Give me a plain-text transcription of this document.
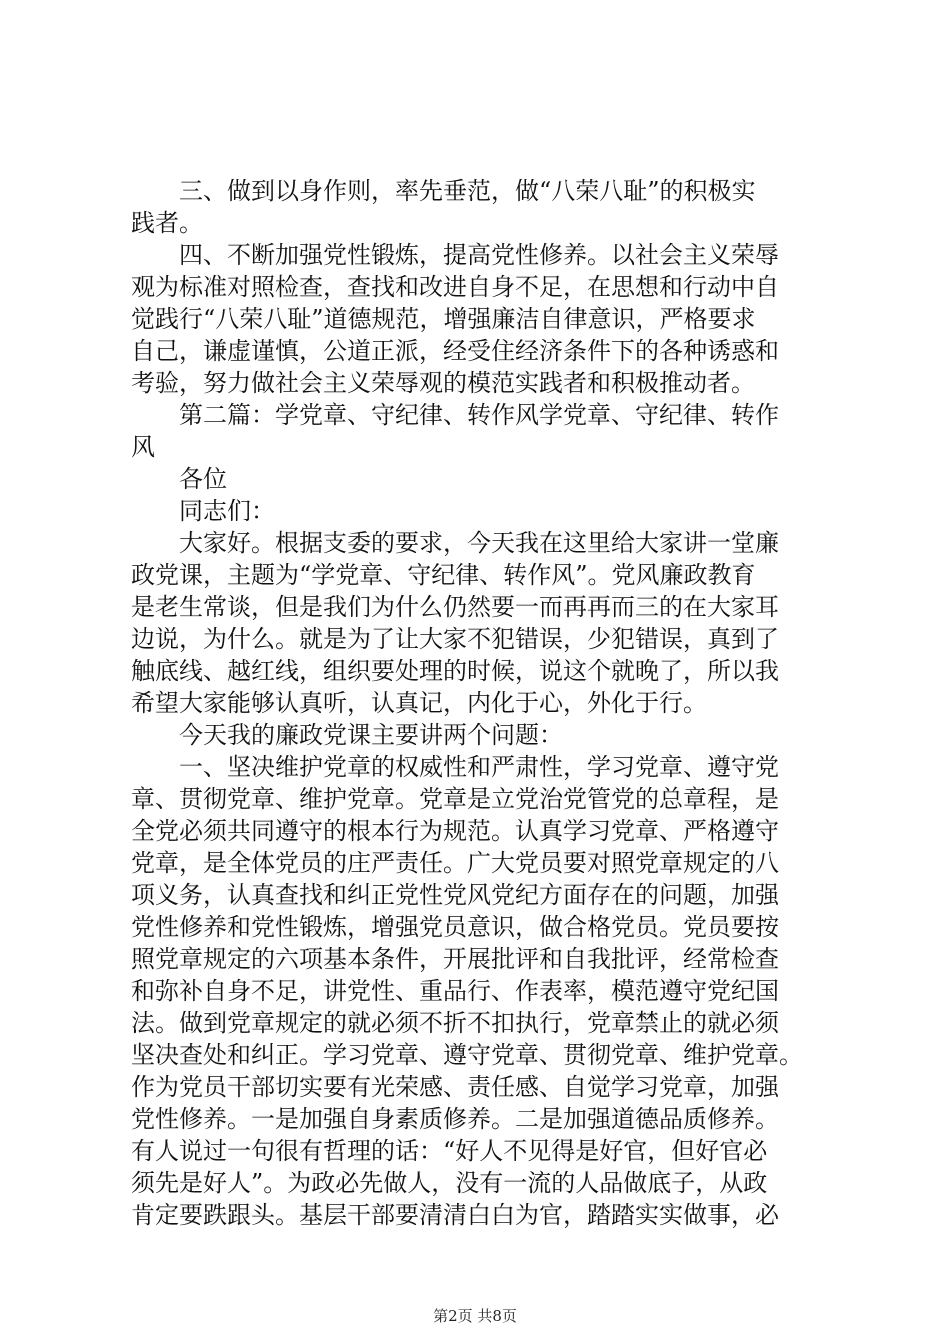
三、做到以身作则，率先垂范，做“八荣八耻”的积极实
践者。
四、不断加强党性锻炼，提高党性修养。以社会主义荣辱
观为标准对照检查，查找和改进自身不足，在思想和行动中自
觉践行“八荣八耻”道德规范，增强廉洁自律意识，严格要求
自己，谦虚谨慎，公道正派，经受住经济条件下的各种诱惑和
考验，努力做社会主义荣辱观的模范实践者和积极推动者。
第二篇：学党章、守纪律、转作风学党章、守纪律、转作
风
各位
同志们：
大家好。根据支委的要求，今天我在这里给大家讲一堂廉
政党课，主题为“学党章、守纪律、转作风”。党风廉政教育
是老生常谈，但是我们为什么仍然要一而再再而三的在大家耳
边说，为什么。就是为了让大家不犯错误，少犯错误，真到了
触底线、越红线，组织要处理的时候，说这个就晚了，所以我
希望大家能够认真听，认真记，内化于心，外化于行。
今天我的廉政党课主要讲两个问题：
一、坚决维护党章的权威性和严肃性，学习党章、遵守党
章、贯彻党章、维护党章。党章是立党治党管党的总章程，是
全党必须共同遵守的根本行为规范。认真学习党章、严格遵守
党章，是全体党员的庄严责任。广大党员要对照党章规定的八
项义务，认真查找和纠正党性党风党纪方面存在的问题，加强
党性修养和党性锻炼，增强党员意识，做合格党员。党员要按
照党章规定的六项基本条件，开展批评和自我批评，经常检查
和弥补自身不足，讲党性、重品行、作表率，模范遵守党纪国
法。做到党章规定的就必须不折不扣执行，党章禁止的就必须
坚决查处和纠正。学习党章、遵守党章、贯彻党章、维护党章。
作为党员干部切实要有光荣感、责任感、自觉学习党章，加强
党性修养。一是加强自身素质修养。二是加强道德品质修养。
有人说过一句很有哲理的话：“好人不见得是好官，但好官必
须先是好人”。为政必先做人，没有一流的人品做底子，从政
肯定要跌跟头。基层干部要清清白白为官，踏踏实实做事，必
第2页 共8页
